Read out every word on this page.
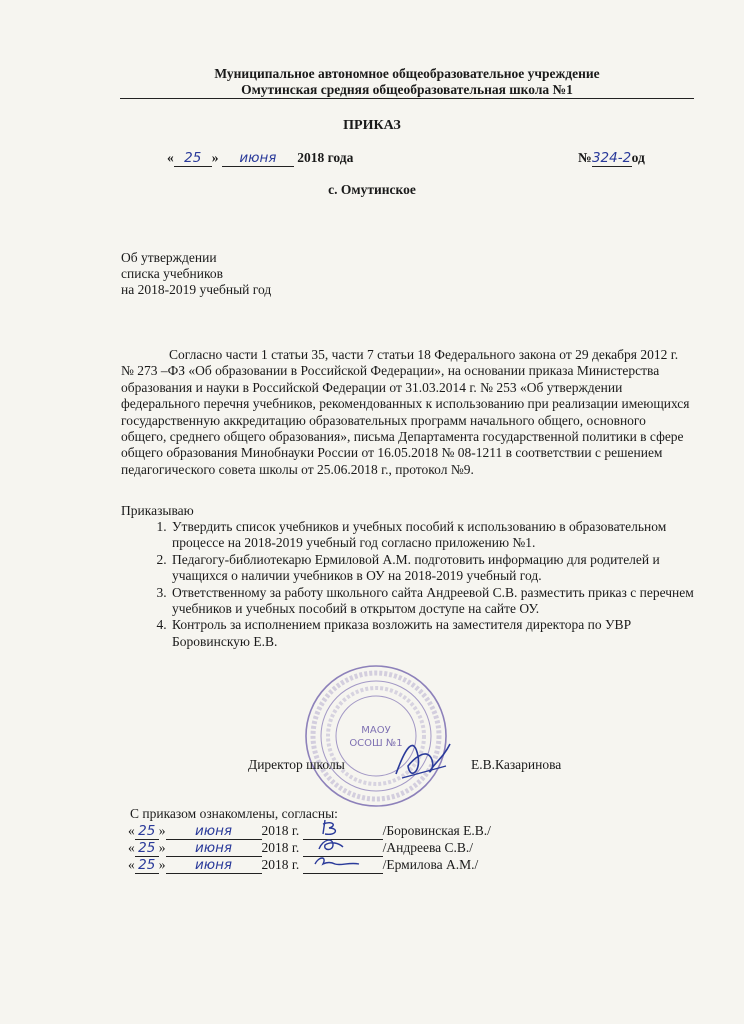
Муниципальное автономное общеобразовательное учреждение
Омутинская средняя общеобразовательная школа №1
ПРИКАЗ
« 25 » июня 2018 года	№324-2од
с. Омутинское
Об утверждении
списка учебников
на 2018-2019 учебный год

Согласно части 1 статьи 35, части 7 статьи 18 Федерального закона от 29 декабря 2012 г. № 273 –ФЗ «Об образовании в Российской Федерации», на основании приказа Министерства образования и науки в Российской Федерации от 31.03.2014 г. № 253 «Об утверждении федерального перечня учебников, рекомендованных к использованию при реализации имеющихся государственную аккредитацию образовательных программ начального общего, основного общего, среднего общего образования», письма Департамента государственной политики в сфере общего образования Минобнауки России от 16.05.2018 № 08-1211 в соответствии с решением педагогического совета школы от 25.06.2018 г., протокол №9.

Приказываю
1. Утвердить список учебников и учебных пособий к использованию в образовательном процессе на 2018-2019 учебный год согласно приложению №1.
2. Педагогу-библиотекарю Ермиловой А.М. подготовить информацию для родителей и учащихся о наличии учебников в ОУ на 2018-2019 учебный год.
3. Ответственному за работу школьного сайта Андреевой С.В. разместить приказ с перечнем учебников и учебных пособий в открытом доступе на сайте ОУ.
4. Контроль за исполнением приказа возложить на заместителя директора по УВР Боровинскую Е.В.
МАОУ
ОСОШ №1
Директор школы	Е.В.Казаринова
С приказом ознакомлены, согласны:
« 25 » июня 2018 г.	/Боровинская Е.В./
« 25 » июня 2018 г.	/Андреева С.В./
« 25 » июня 2018 г.	/Ермилова А.М./
